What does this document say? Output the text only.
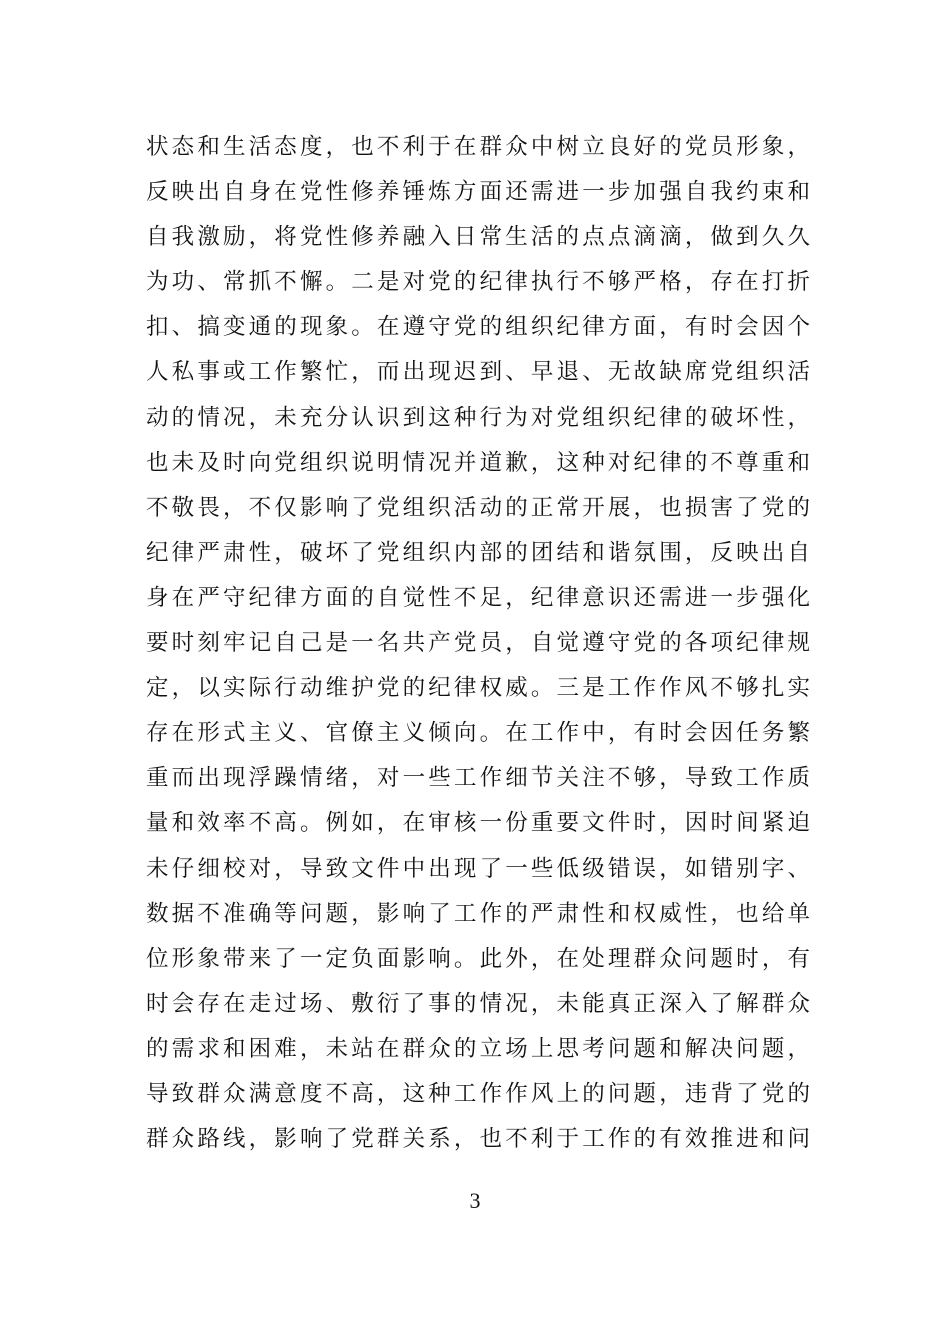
状态和生活态度，也不利于在群众中树立良好的党员形象，
反映出自身在党性修养锤炼方面还需进一步加强自我约束和
自我激励，将党性修养融入日常生活的点点滴滴，做到久久
为功、常抓不懈。二是对党的纪律执行不够严格，存在打折
扣、搞变通的现象。在遵守党的组织纪律方面，有时会因个
人私事或工作繁忙，而出现迟到、早退、无故缺席党组织活
动的情况，未充分认识到这种行为对党组织纪律的破坏性，
也未及时向党组织说明情况并道歉，这种对纪律的不尊重和
不敬畏，不仅影响了党组织活动的正常开展，也损害了党的
纪律严肃性，破坏了党组织内部的团结和谐氛围，反映出自
身在严守纪律方面的自觉性不足，纪律意识还需进一步强化
要时刻牢记自己是一名共产党员，自觉遵守党的各项纪律规
定，以实际行动维护党的纪律权威。三是工作作风不够扎实
存在形式主义、官僚主义倾向。在工作中，有时会因任务繁
重而出现浮躁情绪，对一些工作细节关注不够，导致工作质
量和效率不高。例如，在审核一份重要文件时，因时间紧迫
未仔细校对，导致文件中出现了一些低级错误，如错别字、
数据不准确等问题，影响了工作的严肃性和权威性，也给单
位形象带来了一定负面影响。此外，在处理群众问题时，有
时会存在走过场、敷衍了事的情况，未能真正深入了解群众
的需求和困难，未站在群众的立场上思考问题和解决问题，
导致群众满意度不高，这种工作作风上的问题，违背了党的
群众路线，影响了党群关系，也不利于工作的有效推进和问
3
